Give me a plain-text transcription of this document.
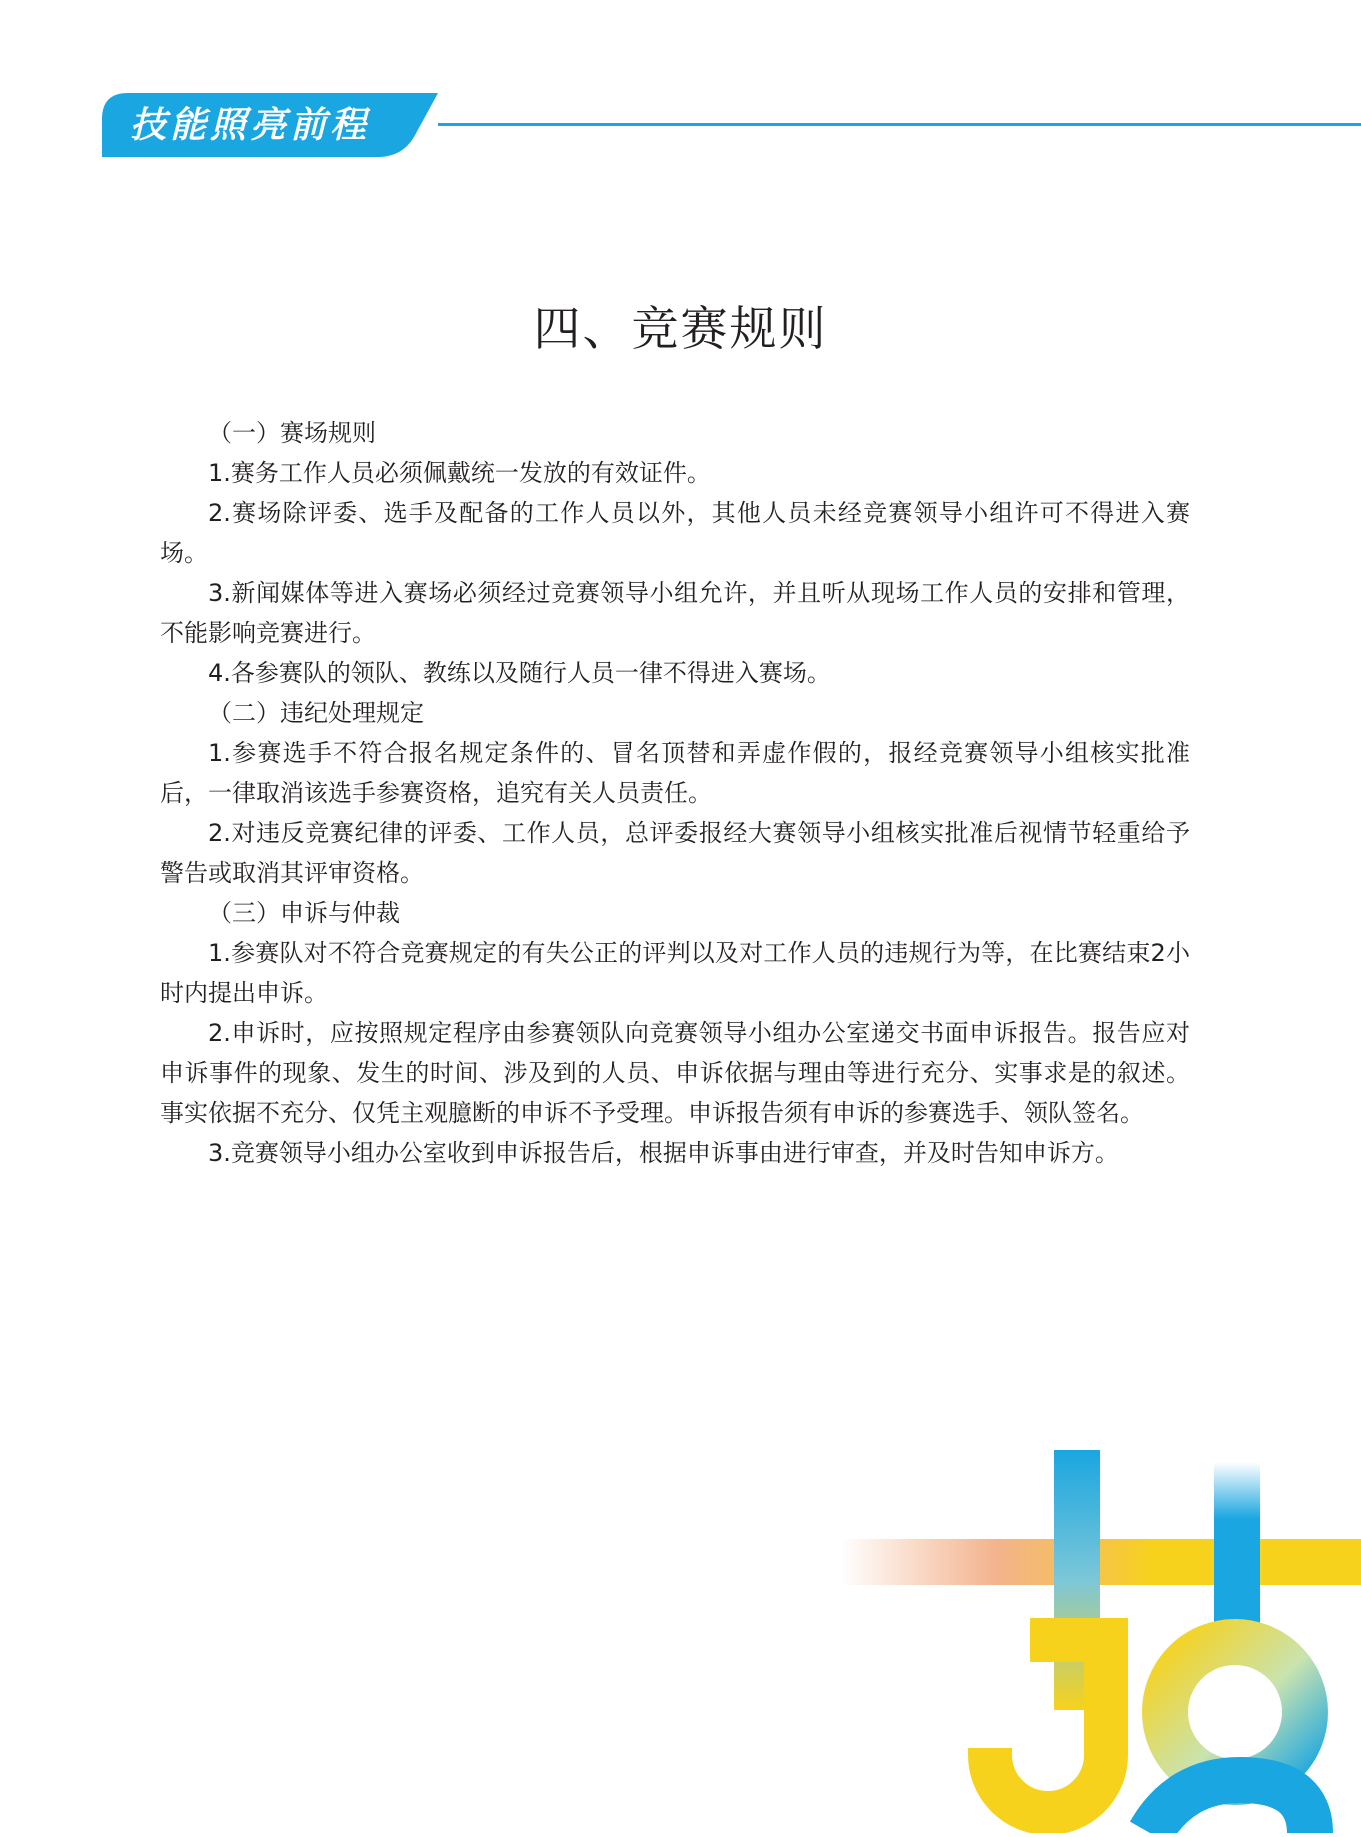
技能照亮前程
四、竞赛规则

（一）赛场规则

1.赛务工作人员必须佩戴统一发放的有效证件。

2.赛场除评委、选手及配备的工作人员以外，其他人员未经竞赛领导小组许可不得进入赛场。

3.新闻媒体等进入赛场必须经过竞赛领导小组允许，并且听从现场工作人员的安排和管理，不能影响竞赛进行。

4.各参赛队的领队、教练以及随行人员一律不得进入赛场。

（二）违纪处理规定

1.参赛选手不符合报名规定条件的、冒名顶替和弄虚作假的，报经竞赛领导小组核实批准后，一律取消该选手参赛资格，追究有关人员责任。

2.对违反竞赛纪律的评委、工作人员，总评委报经大赛领导小组核实批准后视情节轻重给予警告或取消其评审资格。

（三）申诉与仲裁

1.参赛队对不符合竞赛规定的有失公正的评判以及对工作人员的违规行为等，在比赛结束2小时内提出申诉。

2.申诉时，应按照规定程序由参赛领队向竞赛领导小组办公室递交书面申诉报告。报告应对申诉事件的现象、发生的时间、涉及到的人员、申诉依据与理由等进行充分、实事求是的叙述。事实依据不充分、仅凭主观臆断的申诉不予受理。申诉报告须有申诉的参赛选手、领队签名。

3.竞赛领导小组办公室收到申诉报告后，根据申诉事由进行审查，并及时告知申诉方。
